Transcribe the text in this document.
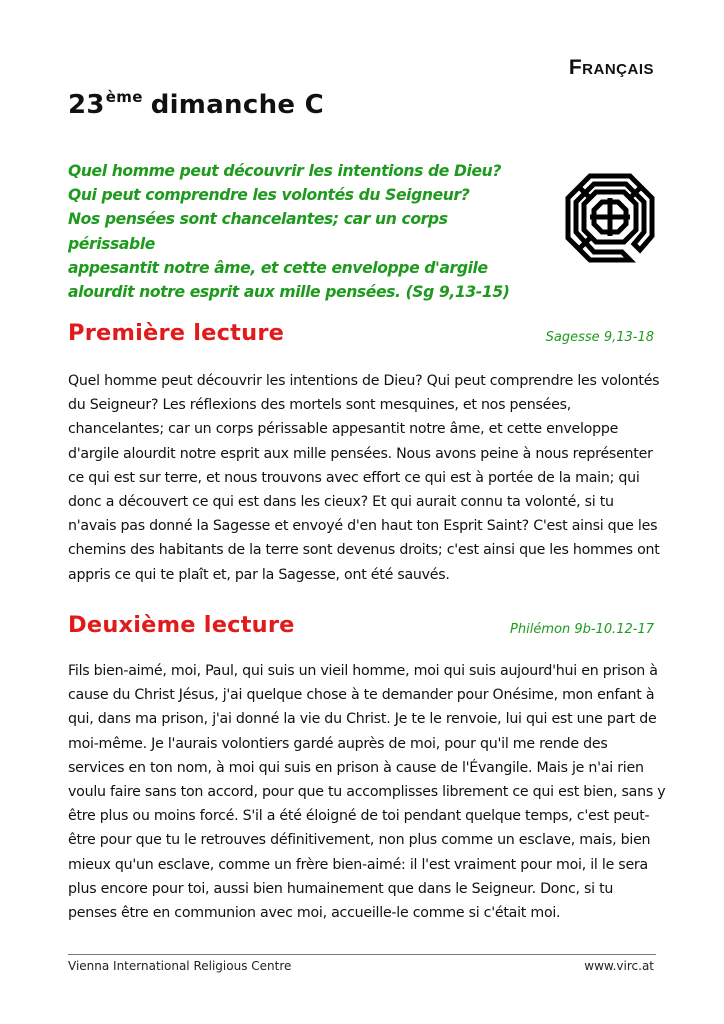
Français
23ème dimanche C

Quel homme peut découvrir les intentions de Dieu?
Qui peut comprendre les volontés du Seigneur?
Nos pensées sont chancelantes; car un corps périssable
appesantit notre âme, et cette enveloppe d'argile
alourdit notre esprit aux mille pensées. (Sg 9,13-15)

Première lecture	Sagesse 9,13-18

Quel homme peut découvrir les intentions de Dieu? Qui peut comprendre les volontés du Seigneur? Les réflexions des mortels sont mesquines, et nos pensées, chancelantes; car un corps périssable appesantit notre âme, et cette enveloppe d'argile alourdit notre esprit aux mille pensées. Nous avons peine à nous représenter ce qui est sur terre, et nous trouvons avec effort ce qui est à portée de la main; qui donc a découvert ce qui est dans les cieux? Et qui aurait connu ta volonté, si tu n'avais pas donné la Sagesse et envoyé d'en haut ton Esprit Saint? C'est ainsi que les chemins des habitants de la terre sont devenus droits; c'est ainsi que les hommes ont appris ce qui te plaît et, par la Sagesse, ont été sauvés.

Deuxième lecture	Philémon 9b-10.12-17

Fils bien-aimé, moi, Paul, qui suis un vieil homme, moi qui suis aujourd'hui en prison à cause du Christ Jésus, j'ai quelque chose à te demander pour Onésime, mon enfant à qui, dans ma prison, j'ai donné la vie du Christ. Je te le renvoie, lui qui est une part de moi-même. Je l'aurais volontiers gardé auprès de moi, pour qu'il me rende des services en ton nom, à moi qui suis en prison à cause de l'Évangile. Mais je n'ai rien voulu faire sans ton accord, pour que tu accomplisses librement ce qui est bien, sans y être plus ou moins forcé. S'il a été éloigné de toi pendant quelque temps, c'est peut-être pour que tu le retrouves définitivement, non plus comme un esclave, mais, bien mieux qu'un esclave, comme un frère bien-aimé: il l'est vraiment pour moi, il le sera plus encore pour toi, aussi bien humainement que dans le Seigneur. Donc, si tu penses être en communion avec moi, accueille-le comme si c'était moi.

Vienna International Religious Centre	www.virc.at
